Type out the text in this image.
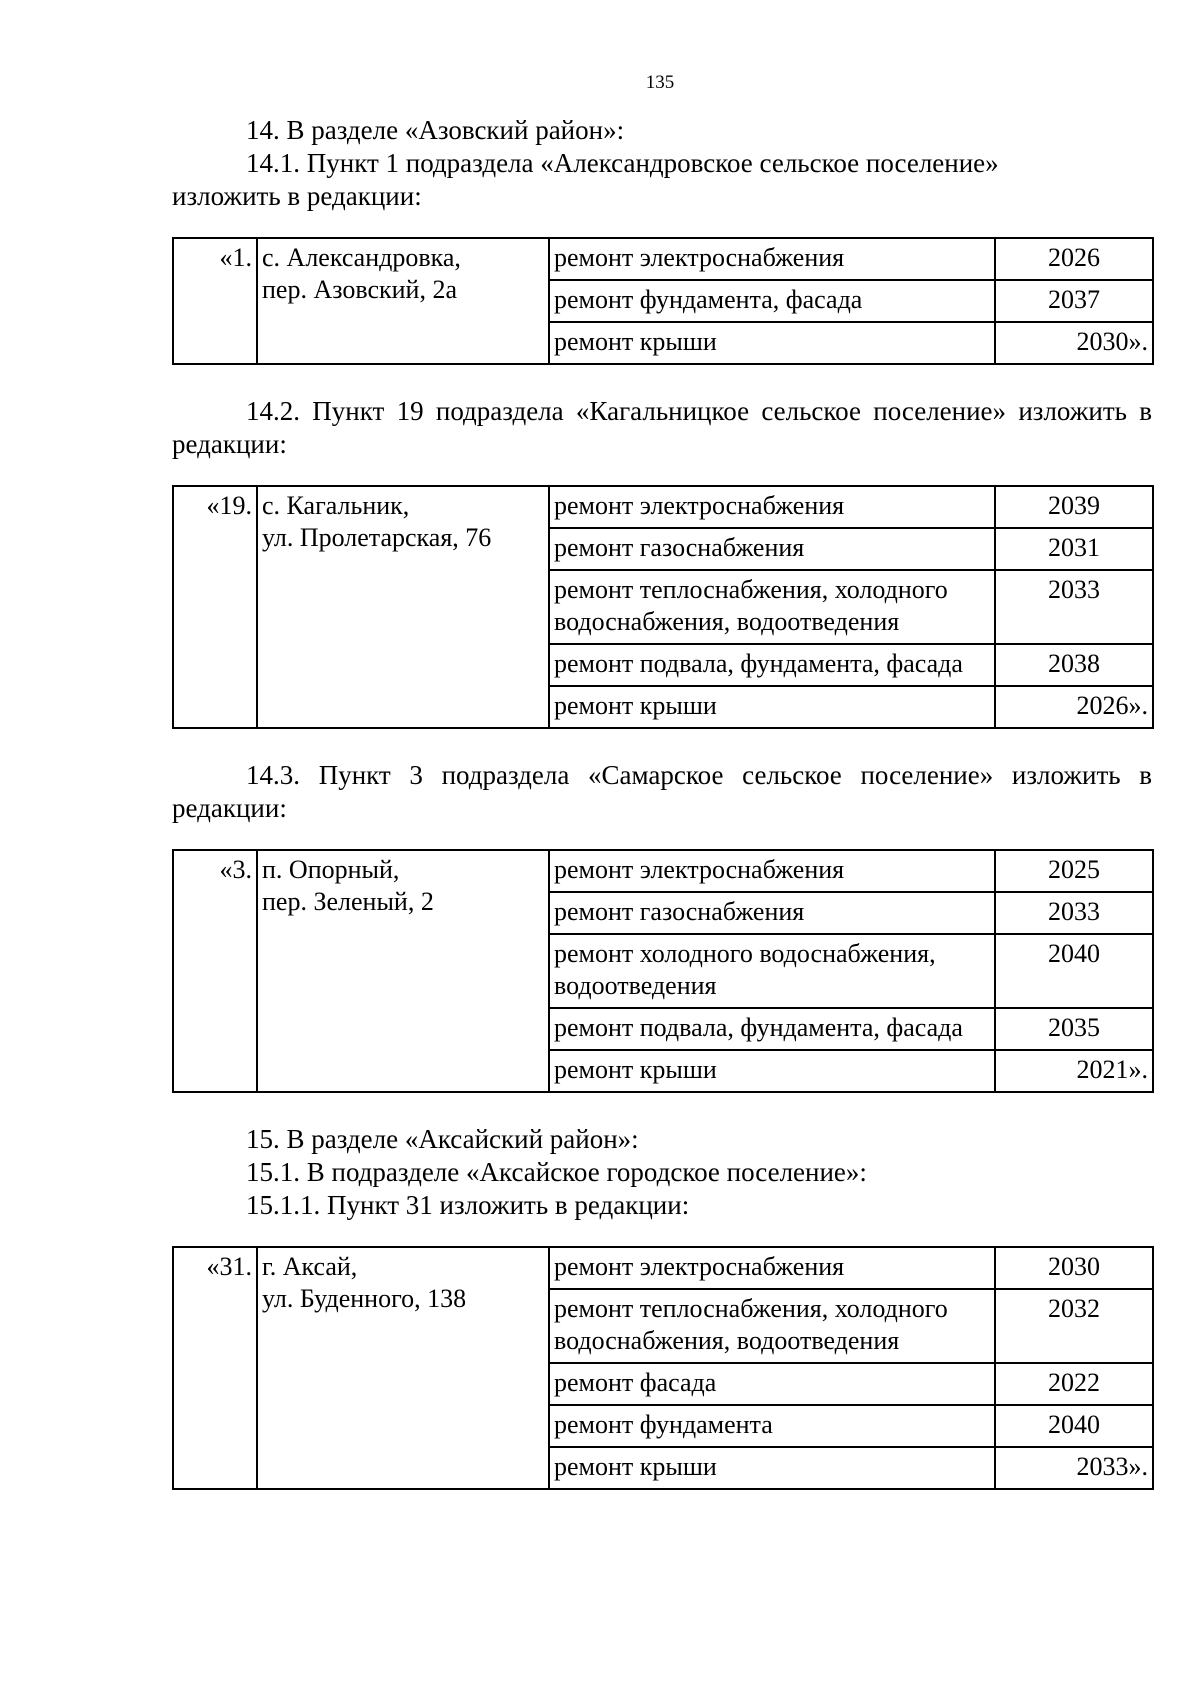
135

14. В разделе «Азовский район»:

14.1. Пункт 1 подраздела «Александровское сельское поселение»

изложить в редакции:

«1.	с. Александровка,
пер. Азовский, 2а	ремонт электроснабжения	2026
		ремонт фундамента, фасада	2037
		ремонт крыши	2030».

14.2. Пункт 19 подраздела «Кагальницкое сельское поселение» изложить в редакции:

«19.	с. Кагальник,
ул. Пролетарская, 76	ремонт электроснабжения	2039
		ремонт газоснабжения	2031
		ремонт теплоснабжения, холодного водоснабжения, водоотведения	2033
		ремонт подвала, фундамента, фасада	2038
		ремонт крыши	2026».

14.3. Пункт 3 подраздела «Самарское сельское поселение» изложить в редакции:

«3.	п. Опорный,
пер. Зеленый, 2	ремонт электроснабжения	2025
		ремонт газоснабжения	2033
		ремонт холодного водоснабжения, водоотведения	2040
		ремонт подвала, фундамента, фасада	2035
		ремонт крыши	2021».

15. В разделе «Аксайский район»:

15.1. В подразделе «Аксайское городское поселение»:

15.1.1. Пункт 31 изложить в редакции:

«31.	г. Аксай,
ул. Буденного, 138	ремонт электроснабжения	2030
		ремонт теплоснабжения, холодного водоснабжения, водоотведения	2032
		ремонт фасада	2022
		ремонт фундамента	2040
		ремонт крыши	2033».
